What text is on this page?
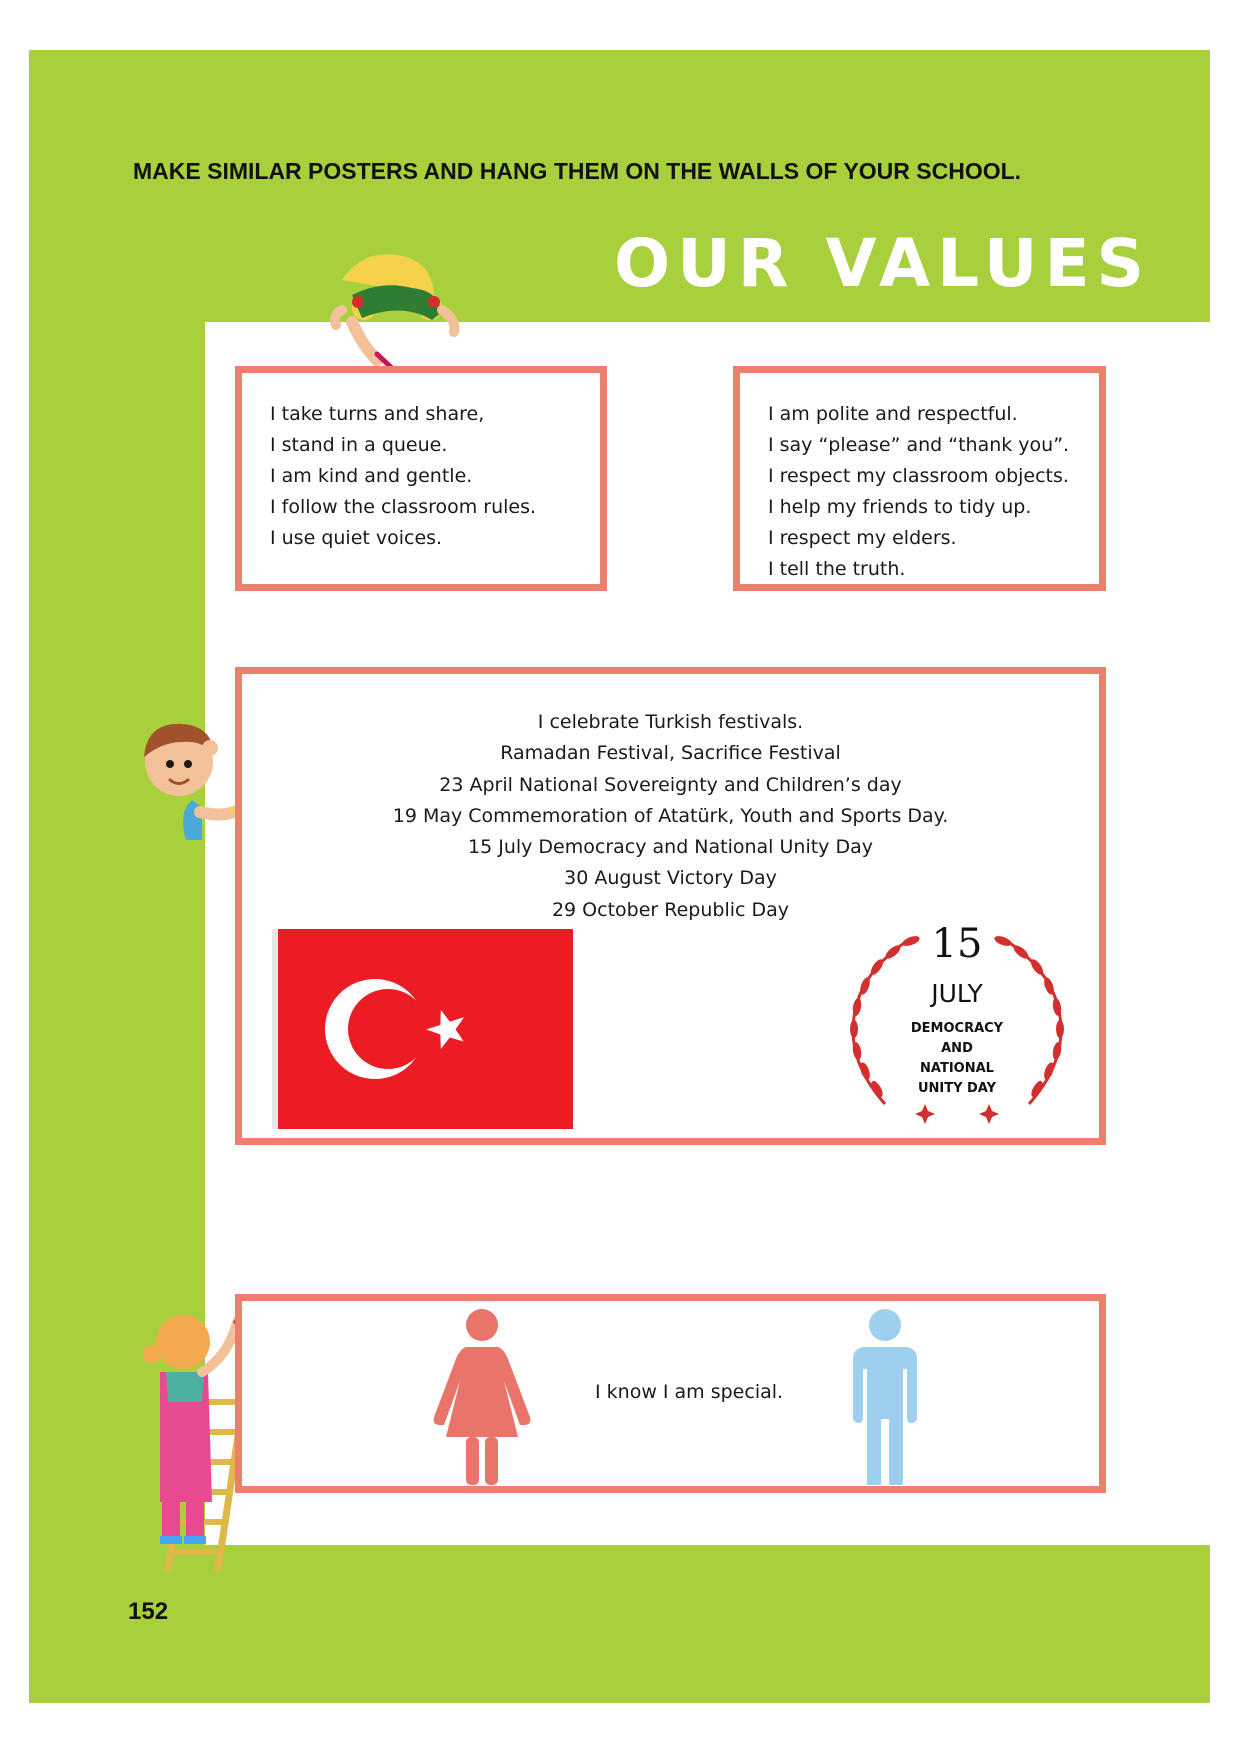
MAKE SIMILAR POSTERS AND HANG THEM ON THE WALLS OF YOUR SCHOOL.
OUR VALUES
I take turns and share,
I stand in a queue.
I am kind and gentle.
I follow the classroom rules.
I use quiet voices.
I am polite and respectful.
I say “please” and “thank you”.
I respect my classroom objects.
I help my friends to tidy up.
I respect my elders.
I tell the truth.
I celebrate Turkish festivals.
Ramadan Festival, Sacrifice Festival
23 April National Sovereignty and Children’s day
19 May Commemoration of Atatürk, Youth and Sports Day.
15 July Democracy and National Unity Day
30 August Victory Day
29 October Republic Day
15
JULY
DEMOCRACY
AND
NATIONAL
UNITY DAY
I know I am special.

152
